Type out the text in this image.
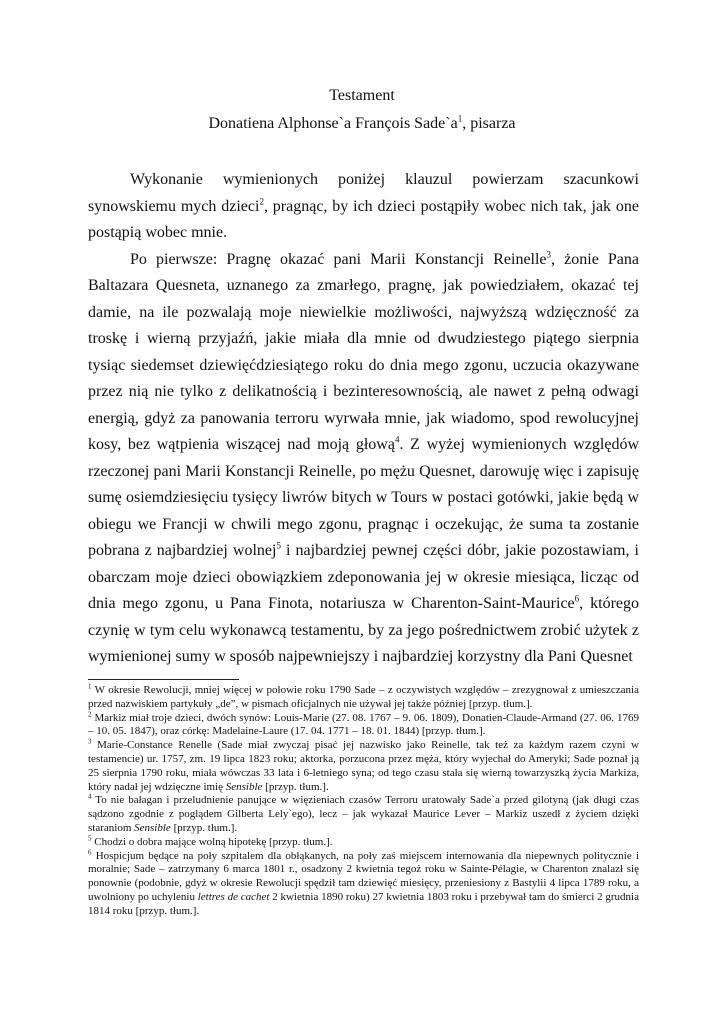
Testament
Donatiena Alphonse`a François $Sade`a^1$, pisarza

Wykonanie wymienionych poniżej klauzul powierzam szacunkowi synowskiemu mych dzieci$^2$, pragnąc, by ich dzieci postąpiły wobec nich tak, jak one postąpią wobec mnie.

Po pierwsze: Pragnę okazać pani Marii Konstancji Reinelle$^3$, żonie Pana Baltazara Quesneta, uznanego za zmarłego, pragnę, jak powiedziałem, okazać tej damie, na ile pozwalają moje niewielkie możliwości, najwyższą wdzięczność za troskę i wierną przyjaźń, jakie miała dla mnie od dwudziestego piątego sierpnia tysiąc siedemset dziewięćdziesiątego roku do dnia mego zgonu, uczucia okazywane przez nią nie tylko z delikatnością i bezinteresownością, ale nawet z pełną odwagi energią, gdyż za panowania terroru wyrwała mnie, jak wiadomo, spod rewolucyjnej kosy, bez wątpienia wiszącej nad moją głową$^4$. Z wyżej wymienionych względów rzeczonej pani Marii Konstancji Reinelle, po mężu Quesnet, darowuję więc i zapisuję sumę osiemdziesięciu tysięcy liwrów bitych w Tours w postaci gotówki, jakie będą w obiegu we Francji w chwili mego zgonu, pragnąc i oczekując, że suma ta zostanie pobrana z najbardziej wolnej$^5$ i najbardziej pewnej części dóbr, jakie pozostawiam, i obarczam moje dzieci obowiązkiem zdeponowania jej w okresie miesiąca, licząc od dnia mego zgonu, u Pana Finota, notariusza w Charenton-Saint-Maurice$^6$, którego czynię w tym celu wykonawcą testamentu, by za jego pośrednictwem zrobić użytek z wymienionej sumy w sposób najpewniejszy i najbardziej korzystny dla Pani Quesnet

$^1$ W okresie Rewolucji, mniej więcej w połowie roku 1790 Sade – z oczywistych względów – zrezygnował z umieszczania przed nazwiskiem partykuły „de”, w pismach oficjalnych nie używał jej także później [przyp. tłum.].
$^2$ Markiz miał troje dzieci, dwóch synów: Louis-Marie (27. 08. 1767 – 9. 06. 1809), Donatien-Claude-Armand (27. 06. 1769 – 10. 05. 1847), oraz córkę: Madelaine-Laure (17. 04. 1771 – 18. 01. 1844) [przyp. tłum.].
$^3$ Marie-Constance Renelle (Sade miał zwyczaj pisać jej nazwisko jako Reinelle, tak też za każdym razem czyni w testamencie) ur. 1757, zm. 19 lipca 1823 roku; aktorka, porzucona przez męża, który wyjechał do Ameryki; Sade poznał ją 25 sierpnia 1790 roku, miała wówczas 33 lata i 6-letniego syna; od tego czasu stała się wierną towarzyszką życia Markiza, który nadał jej wdzięczne imię Sensible [przyp. tłum.].
$^4$ To nie bałagan i przeludnienie panujące w więzieniach czasów Terroru uratowały Sade`a przed gilotyną (jak długi czas sądzono zgodnie z poglądem Gilberta Lely`ego), lecz – jak wykazał Maurice Lever – Markiz uszedł z życiem dzięki staraniom Sensible [przyp. tłum.].
$^5$ Chodzi o dobra mające wolną hipotekę [przyp. tłum.].
$^6$ Hospicjum będące na poły szpitalem dla obłąkanych, na poły zaś miejscem internowania dla niepewnych politycznie i moralnie; Sade – zatrzymany 6 marca 1801 r., osadzony 2 kwietnia tegoż roku w Sainte-Pélagie, w Charenton znalazł się ponownie (podobnie, gdyż w okresie Rewolucji spędził tam dziewięć miesięcy, przeniesiony z Bastylii 4 lipca 1789 roku, a uwolniony po uchyleniu lettres de cachet 2 kwietnia 1890 roku) 27 kwietnia 1803 roku i przebywał tam do śmierci 2 grudnia 1814 roku [przyp. tłum.].
